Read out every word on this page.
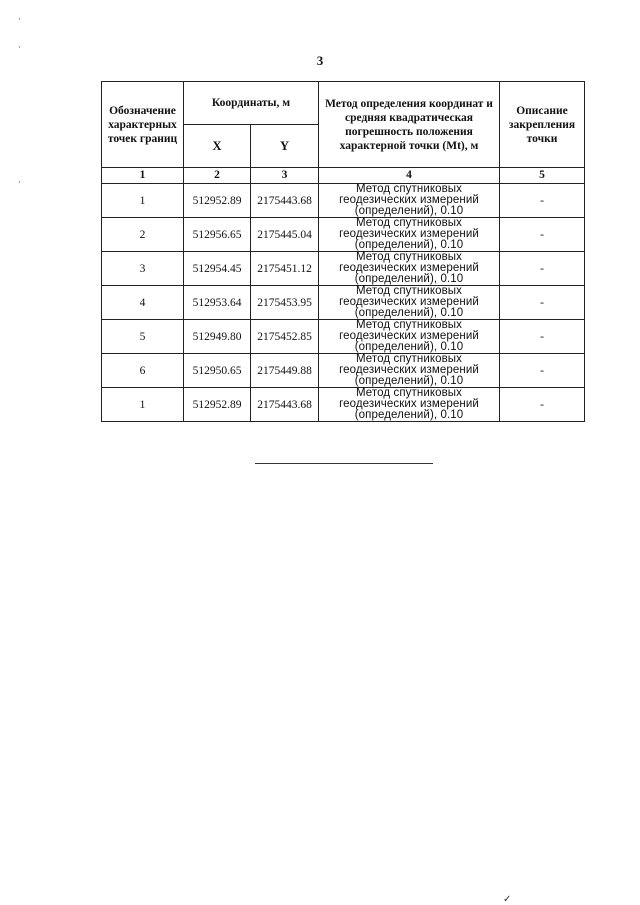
·
·
·
3
Обозначение характерных точек границ	Координаты, м		Метод определения координат и средняя квадратическая погрешность положения характерной точки (Mt), м	Описание закрепления точки
	X	Y		
1	2	3	4	5
1	512952.89	2175443.68	Метод спутниковых геодезических измерений (определений), 0.10	-
2	512956.65	2175445.04	Метод спутниковых геодезических измерений (определений), 0.10	-
3	512954.45	2175451.12	Метод спутниковых геодезических измерений (определений), 0.10	-
4	512953.64	2175453.95	Метод спутниковых геодезических измерений (определений), 0.10	-
5	512949.80	2175452.85	Метод спутниковых геодезических измерений (определений), 0.10	-
6	512950.65	2175449.88	Метод спутниковых геодезических измерений (определений), 0.10	-
1	512952.89	2175443.68	Метод спутниковых геодезических измерений (определений), 0.10	-
✓
